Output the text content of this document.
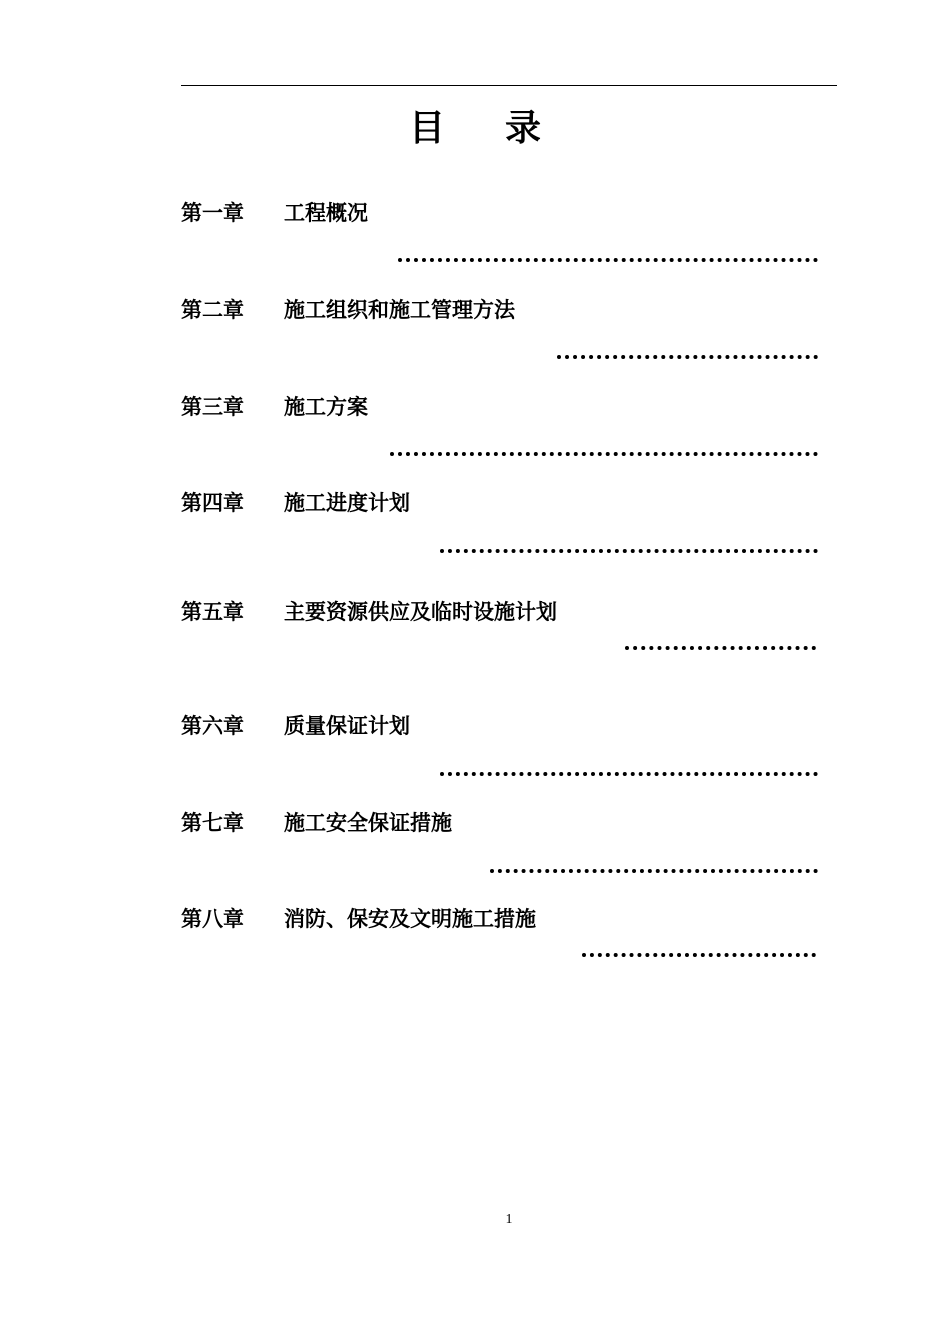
目 录
第一章 工程概况
第二章 施工组织和施工管理方法
第三章 施工方案
第四章 施工进度计划
第五章 主要资源供应及临时设施计划
第六章 质量保证计划
第七章 施工安全保证措施
第八章 消防、保安及文明施工措施
1
